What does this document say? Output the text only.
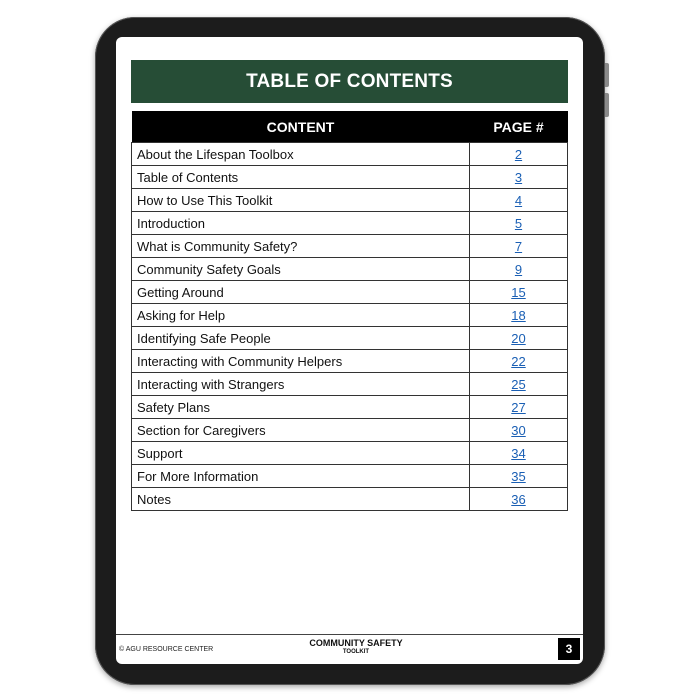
TABLE OF CONTENTS
CONTENT	PAGE #
About the Lifespan Toolbox	2
Table of Contents	3
How to Use This Toolkit	4
Introduction	5
What is Community Safety?	7
Community Safety Goals	9
Getting Around	15
Asking for Help	18
Identifying Safe People	20
Interacting with Community Helpers	22
Interacting with Strangers	25
Safety Plans	27
Section for Caregivers	30
Support	34
For More Information	35
Notes	36
© AGU RESOURCE CENTER
COMMUNITY SAFETY
TOOLKIT	3
